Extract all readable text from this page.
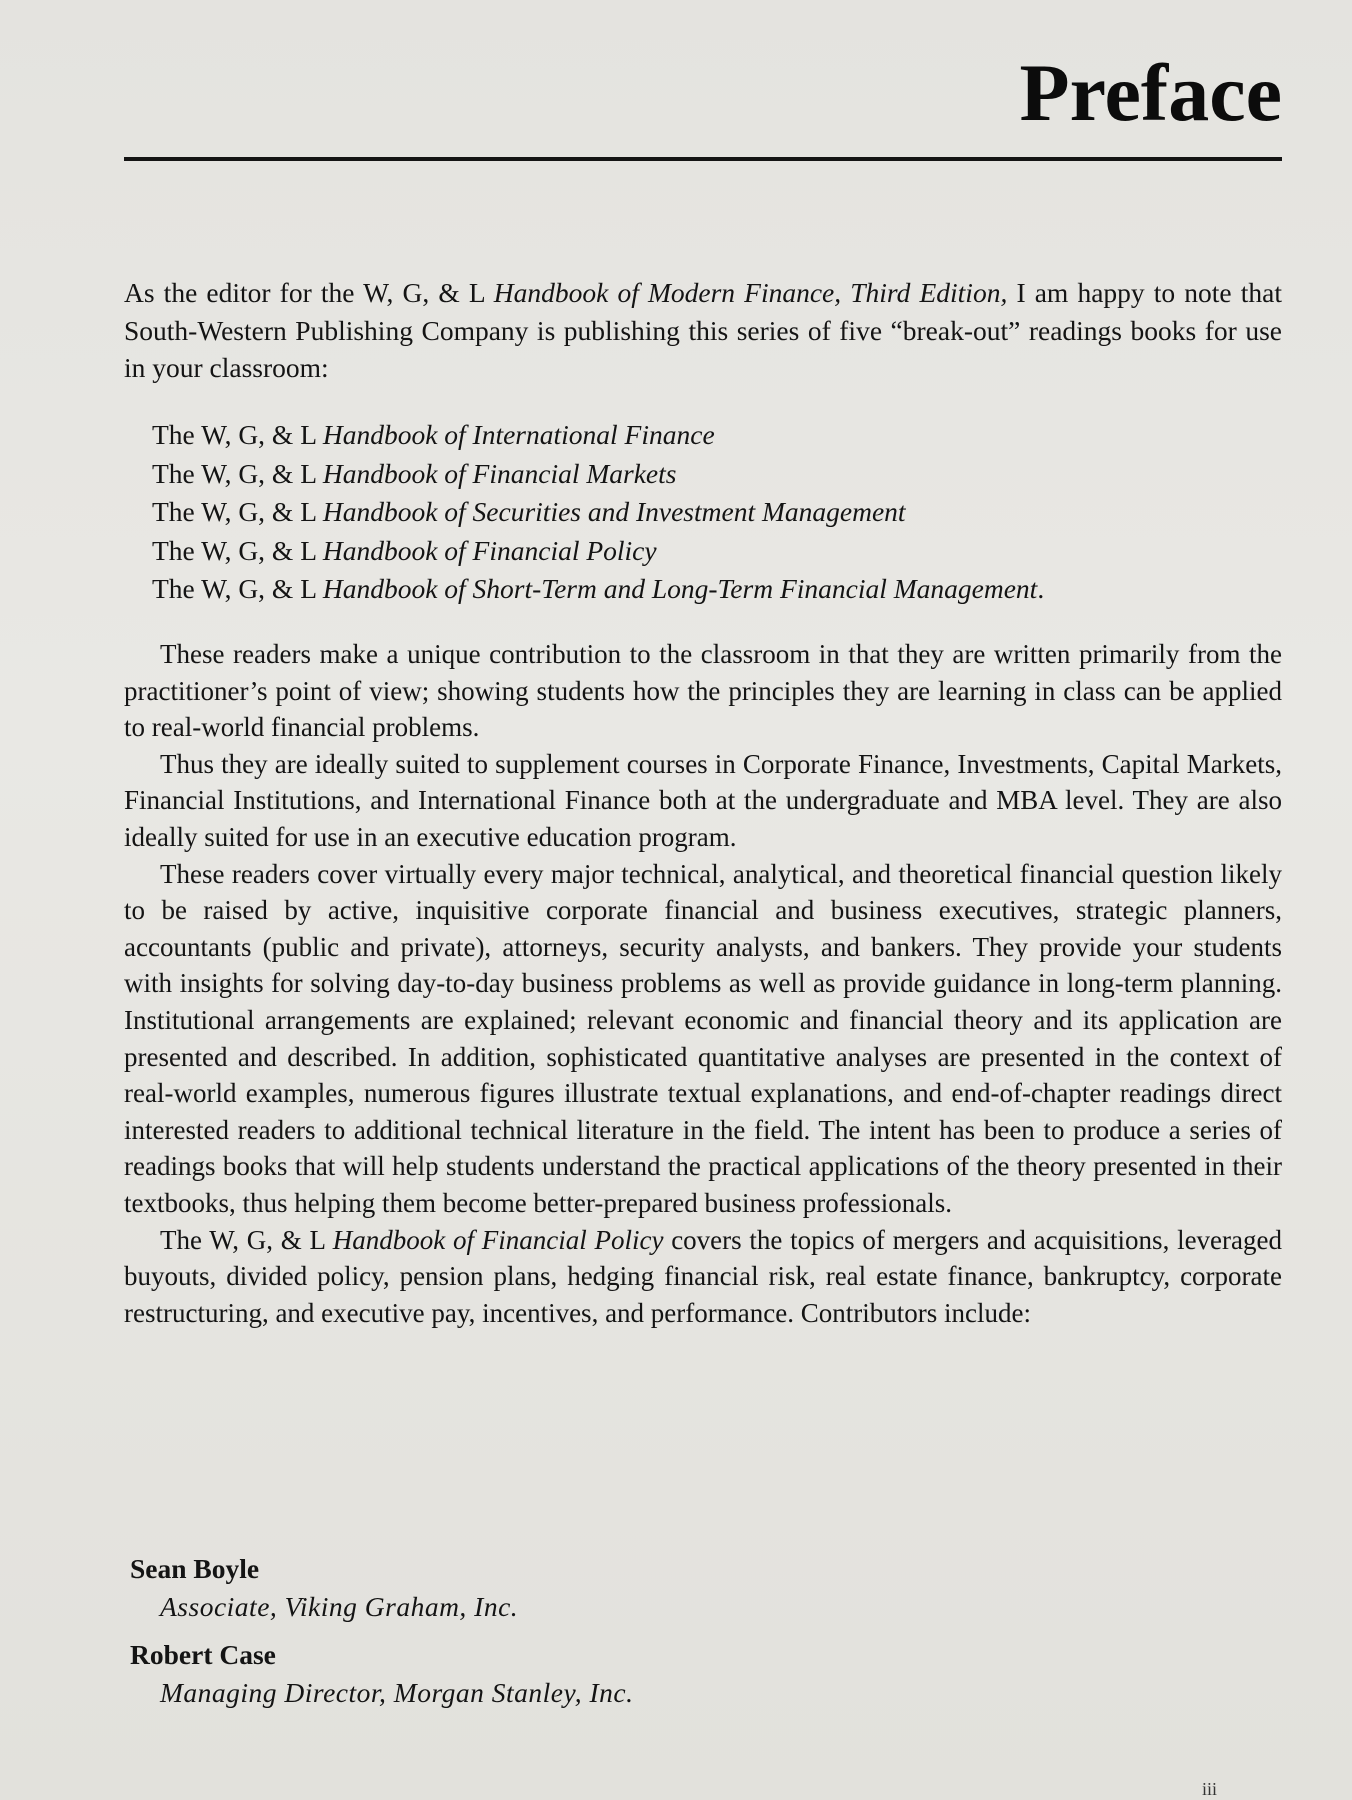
Preface
As the editor for the W, G, & L Handbook of Modern Finance, Third Edition, I am happy to note that South-Western Publishing Company is publishing this series of five “break-out” readings books for use in your classroom:
The W, G, & L Handbook of International Finance
The W, G, & L Handbook of Financial Markets
The W, G, & L Handbook of Securities and Investment Management
The W, G, & L Handbook of Financial Policy
The W, G, & L Handbook of Short-Term and Long-Term Financial Management.

These readers make a unique contribution to the classroom in that they are written primarily from the practitioner’s point of view; showing students how the principles they are learning in class can be applied to real-world financial problems.

Thus they are ideally suited to supplement courses in Corporate Finance, Investments, Capital Markets, Financial Institutions, and International Finance both at the undergraduate and MBA level. They are also ideally suited for use in an executive education program.

These readers cover virtually every major technical, analytical, and theoretical financial question likely to be raised by active, inquisitive corporate financial and business executives, strategic planners, accountants (public and private), attorneys, security analysts, and bankers. They provide your students with insights for solving day-to-day business problems as well as provide guidance in long-term planning. Institutional arrangements are explained; relevant economic and financial theory and its application are presented and described. In addition, sophisticated quantitative analyses are presented in the context of real-world examples, numerous figures illustrate textual explanations, and end-of-chapter readings direct interested readers to additional technical literature in the field. The intent has been to produce a series of readings books that will help students understand the practical applications of the theory presented in their textbooks, thus helping them become better-prepared business professionals.

The W, G, & L Handbook of Financial Policy covers the topics of mergers and acquisitions, leveraged buyouts, divided policy, pension plans, hedging financial risk, real estate finance, bankruptcy, corporate restructuring, and executive pay, incentives, and performance. Contributors include:

Sean Boyle
Associate, Viking Graham, Inc.
Robert Case
Managing Director, Morgan Stanley, Inc.
iii
